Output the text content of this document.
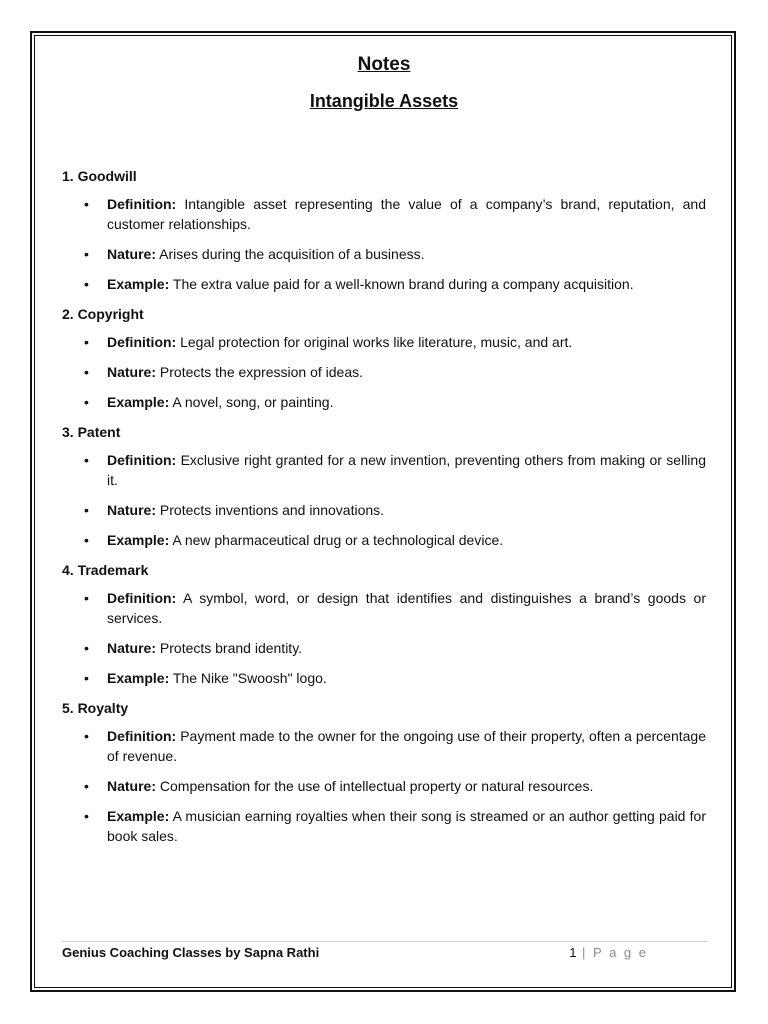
Notes
Intangible Assets

1. Goodwill

• Definition: Intangible asset representing the value of a company’s brand, reputation, and customer relationships.
• Nature: Arises during the acquisition of a business.
• Example: The extra value paid for a well-known brand during a company acquisition.

2. Copyright

• Definition: Legal protection for original works like literature, music, and art.
• Nature: Protects the expression of ideas.
• Example: A novel, song, or painting.

3. Patent

• Definition: Exclusive right granted for a new invention, preventing others from making or selling it.
• Nature: Protects inventions and innovations.
• Example: A new pharmaceutical drug or a technological device.

4. Trademark

• Definition: A symbol, word, or design that identifies and distinguishes a brand’s goods or services.
• Nature: Protects brand identity.
• Example: The Nike "Swoosh" logo.

5. Royalty

• Definition: Payment made to the owner for the ongoing use of their property, often a percentage of revenue.
• Nature: Compensation for the use of intellectual property or natural resources.
• Example: A musician earning royalties when their song is streamed or an author getting paid for book sales.
Genius Coaching Classes by Sapna Rathi	1 | P a g e
